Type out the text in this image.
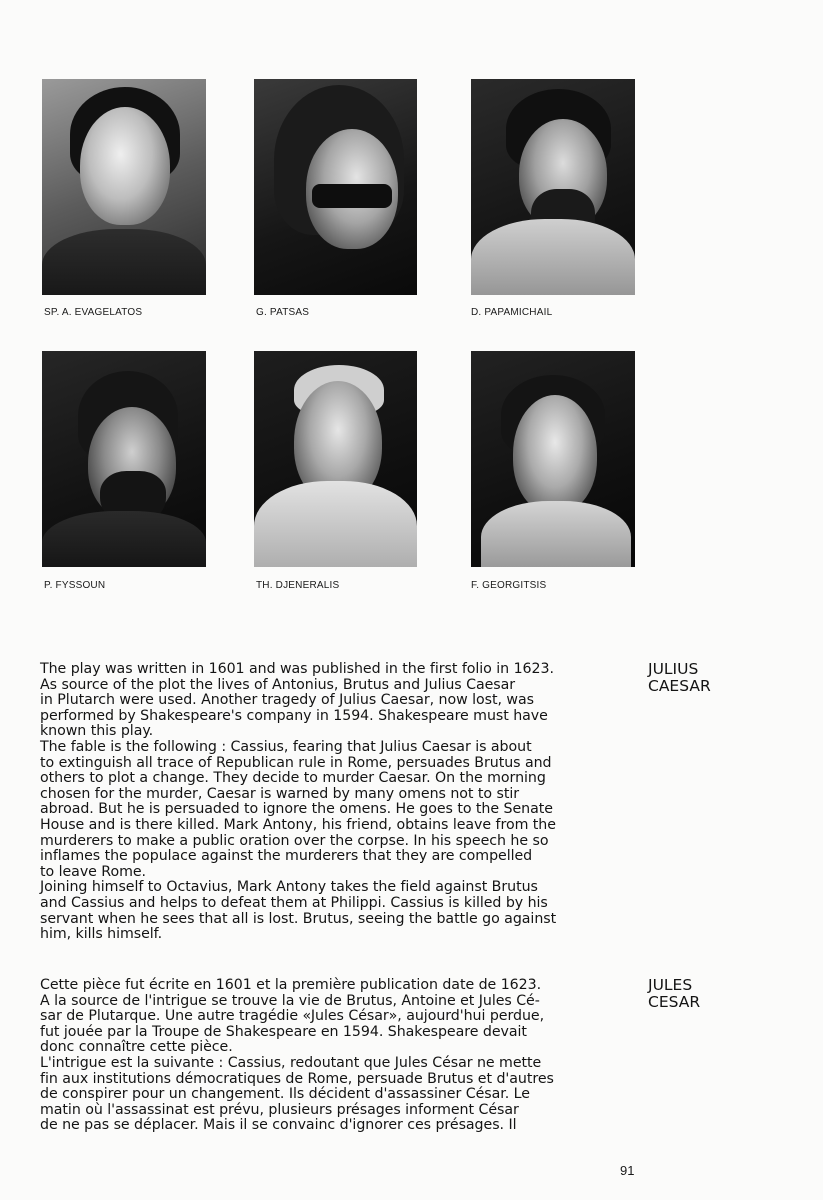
SP. A. EVAGELATOS	G. PATSAS	D. PAPAMICHAIL
P. FYSSOUN	TH. DJENERALIS	F. GEORGITSIS
JULIUS
CAESAR

The play was written in 1601 and was published in the first folio in 1623.
As source of the plot the lives of Antonius, Brutus and Julius Caesar
in Plutarch were used. Another tragedy of Julius Caesar, now lost, was
performed by Shakespeare's company in 1594. Shakespeare must have
known this play.

The fable is the following : Cassius, fearing that Julius Caesar is about
to extinguish all trace of Republican rule in Rome, persuades Brutus and
others to plot a change. They decide to murder Caesar. On the morning
chosen for the murder, Caesar is warned by many omens not to stir
abroad. But he is persuaded to ignore the omens. He goes to the Senate
House and is there killed. Mark Antony, his friend, obtains leave from the
murderers to make a public oration over the corpse. In his speech he so
inflames the populace against the murderers that they are compelled
to leave Rome.

Joining himself to Octavius, Mark Antony takes the field against Brutus
and Cassius and helps to defeat them at Philippi. Cassius is killed by his
servant when he sees that all is lost. Brutus, seeing the battle go against
him, kills himself.

JULES
CESAR

Cette pièce fut écrite en 1601 et la première publication date de 1623.
A la source de l'intrigue se trouve la vie de Brutus, Antoine et Jules Cé-
sar de Plutarque. Une autre tragédie «Jules César», aujourd'hui perdue,
fut jouée par la Troupe de Shakespeare en 1594. Shakespeare devait
donc connaître cette pièce.

L'intrigue est la suivante : Cassius, redoutant que Jules César ne mette
fin aux institutions démocratiques de Rome, persuade Brutus et d'autres
de conspirer pour un changement. Ils décident d'assassiner César. Le
matin où l'assassinat est prévu, plusieurs présages informent César
de ne pas se déplacer. Mais il se convainc d'ignorer ces présages. Il

91
